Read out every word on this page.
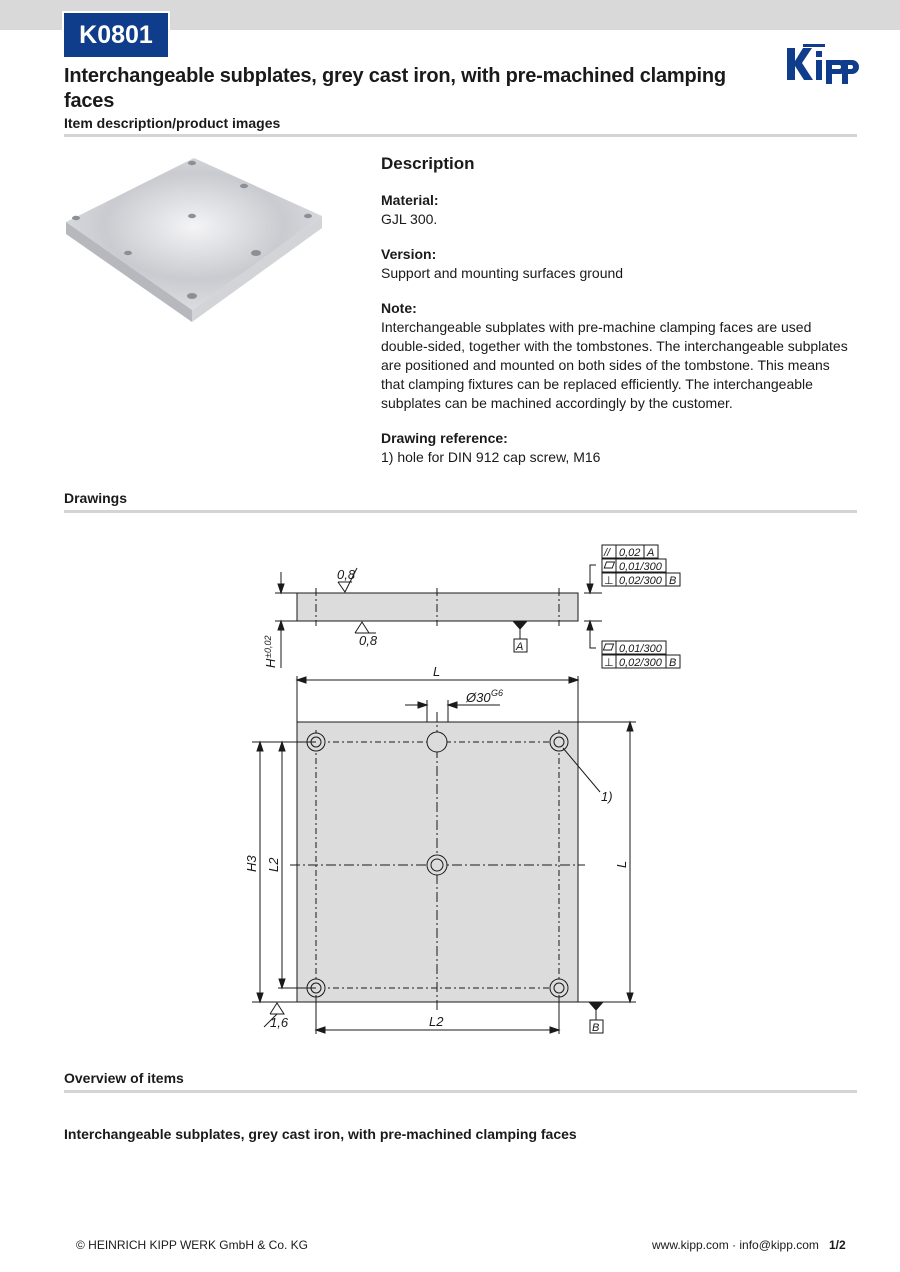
K0801
Kipp
Interchangeable subplates, grey cast iron, with pre-machined clamping faces
Item description/product images
Description
Material:

GJL 300.

Version:

Support and mounting surfaces ground

Note:

Interchangeable subplates with pre-machine clamping faces are used double-sided, together with the tombstones. The interchangeable subplates are positioned and mounted on both sides of the tombstone. This means that clamping fixtures can be replaced efficiently. The interchangeable subplates can be machined accordingly by the customer.

Drawing reference:

1) hole for DIN 912 cap screw, M16

Drawings
0,8
0,8	A
// 0,02 A
0,01/300
⊥ 0,02/300 B
0,01/300
⊥ 0,02/300 B
H
±0,02
L
Ø30 G6
1)
H3 L2	L
L2
1,6	B
Overview of items
Interchangeable subplates, grey cast iron, with pre-machined clamping faces
© HEINRICH KIPP WERK GmbH & Co. KG	www.kipp.com · info@kipp.com 1/2
